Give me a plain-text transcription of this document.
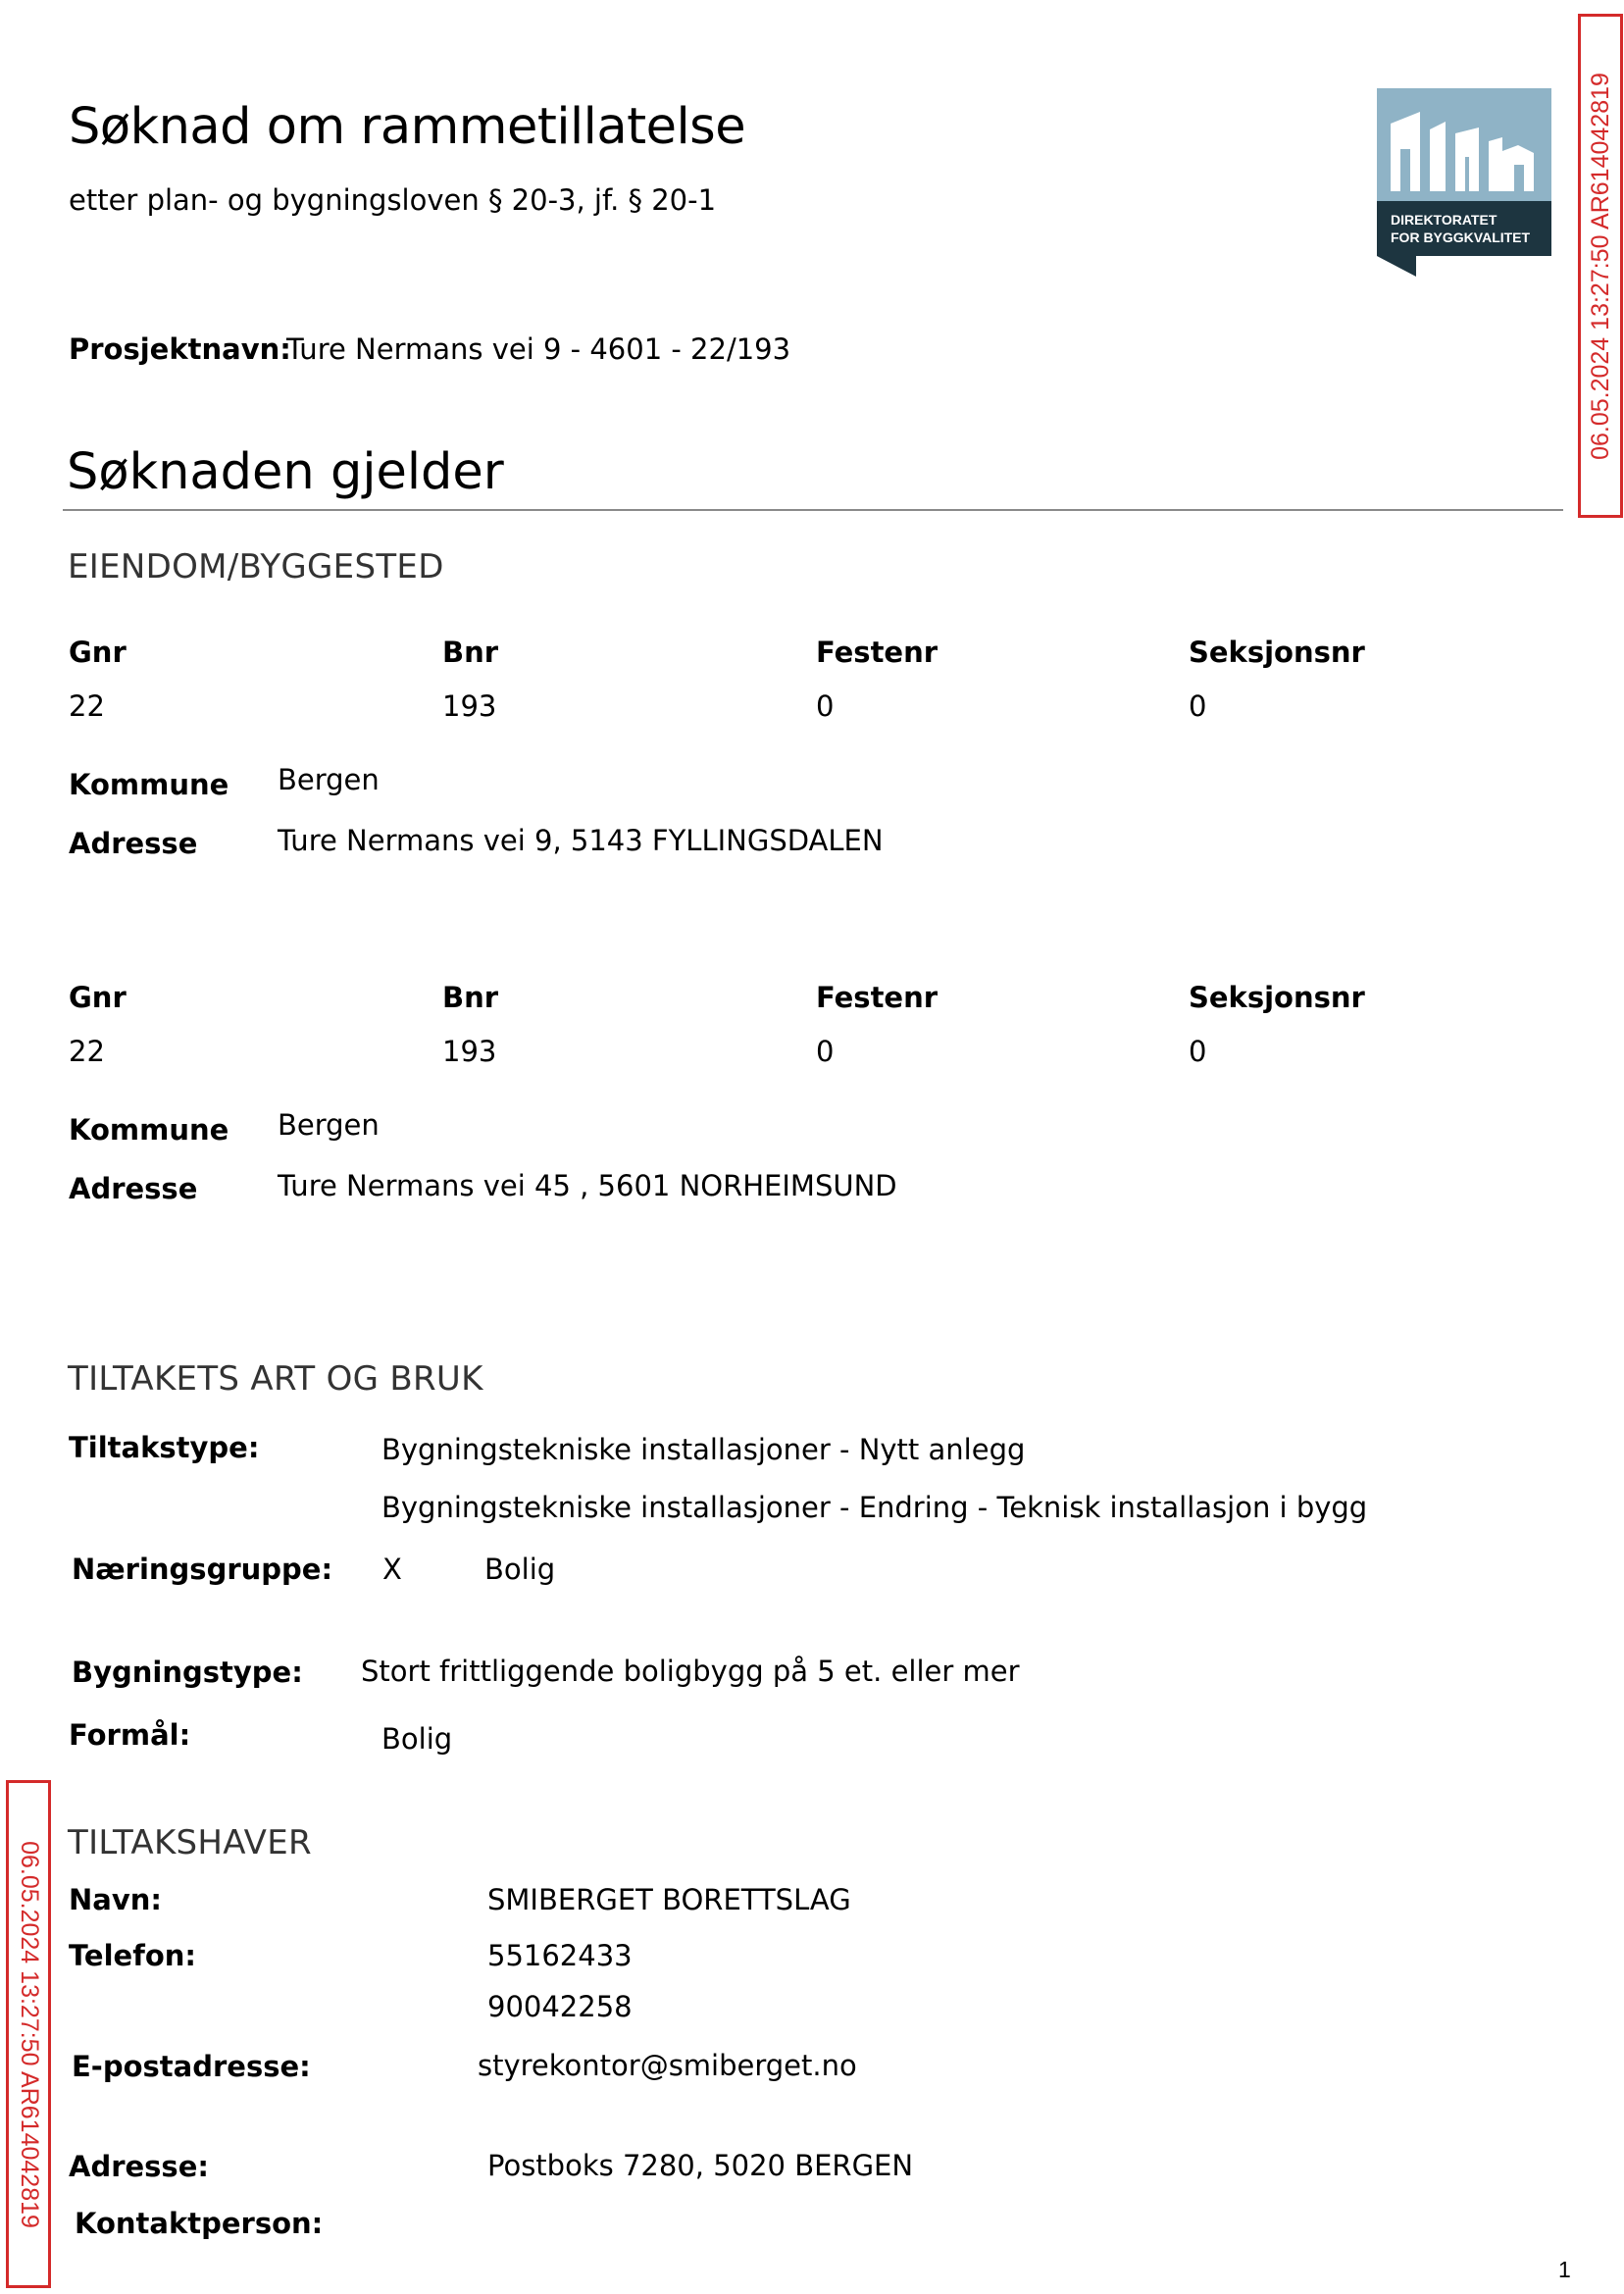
Søknad om rammetillatelse
etter plan- og bygningsloven § 20-3, jf. § 20-1
DIREKTORATET
FOR BYGGKVALITET 06.05.2024 13:27:50 AR614042819
Prosjektnavn:
Ture Nermans vei 9 - 4601 - 22/193
Søknaden gjelder
EIENDOM/BYGGESTED
Gnr	Bnr	Festenr	Seksjonsnr
22	193	0	0
Kommune Bergen
Adresse	Ture Nermans vei 9, 5143 FYLLINGSDALEN
Gnr	Bnr	Festenr	Seksjonsnr
22	193	0	0
Kommune Bergen
Adresse	Ture Nermans vei 45 , 5601 NORHEIMSUND
TILTAKETS ART OG BRUK
Tiltakstype:	Bygningstekniske installasjoner - Nytt anlegg
Bygningstekniske installasjoner - Endring - Teknisk installasjon i bygg
Næringsgruppe: X	Bolig
Bygningstype: Stort frittliggende boligbygg på 5 et. eller mer
Formål:	Bolig
06.05.2024 13:27:50 AR614042819 TILTAKSHAVER
Navn:	SMIBERGET BORETTSLAG
Telefon:	55162433
90042258
E-postadresse:	styrekontor@smiberget.no
Adresse:	Postboks 7280, 5020 BERGEN
Kontaktperson:
1
